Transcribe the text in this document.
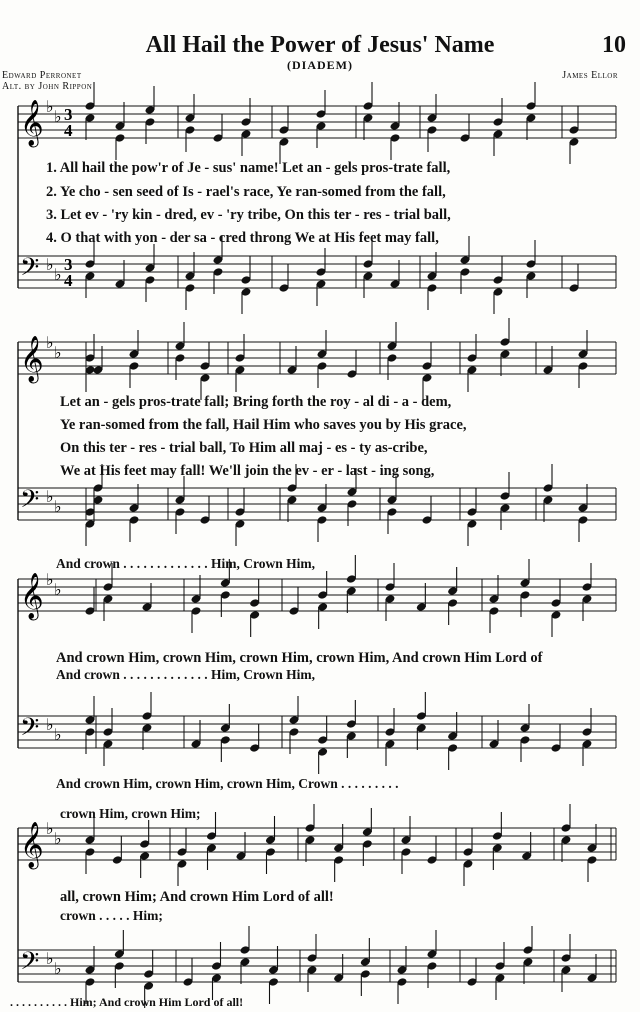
All Hail the Power of Jesus' Name	10
(DIADEM)
Edward Perronet
Alt. by John Rippon
James Ellor
𝄞 ♭
♭ 3
4
𝄢 ♭
♭
3
4
𝄞 ♭
♭
𝄢 ♭
♭
𝄞 ♭
♭
𝄢 ♭
♭
𝄞 ♭
♭
𝄢 ♭
♭
1. All hail the pow'r of Je - sus' name! Let an - gels pros-trate fall,
2. Ye cho - sen seed of Is - rael's race, Ye ran-somed from the fall,
3. Let ev - 'ry kin - dred, ev - 'ry tribe, On this ter - res - trial ball,
4. O that with yon - der sa - cred throng We at His feet may fall,
Let an - gels pros-trate fall; Bring forth the roy - al di - a - dem,
Ye ran-somed from the fall, Hail Him who saves you by His grace,
On this ter - res - trial ball, To Him all maj - es - ty as-cribe,
We at His feet may fall! We'll join the ev - er - last - ing song,
And crown . . . . . . . . . . . . . Him, Crown Him,
And crown Him, crown Him, crown Him, crown Him, And crown Him Lord of
And crown . . . . . . . . . . . . . Him, Crown Him,
And crown Him, crown Him, crown Him, Crown . . . . . . . . .
crown Him, crown Him;
all, crown Him; And crown Him Lord of all!
crown . . . . . Him;
. . . . . . . . . . Him; And crown Him Lord of all!
